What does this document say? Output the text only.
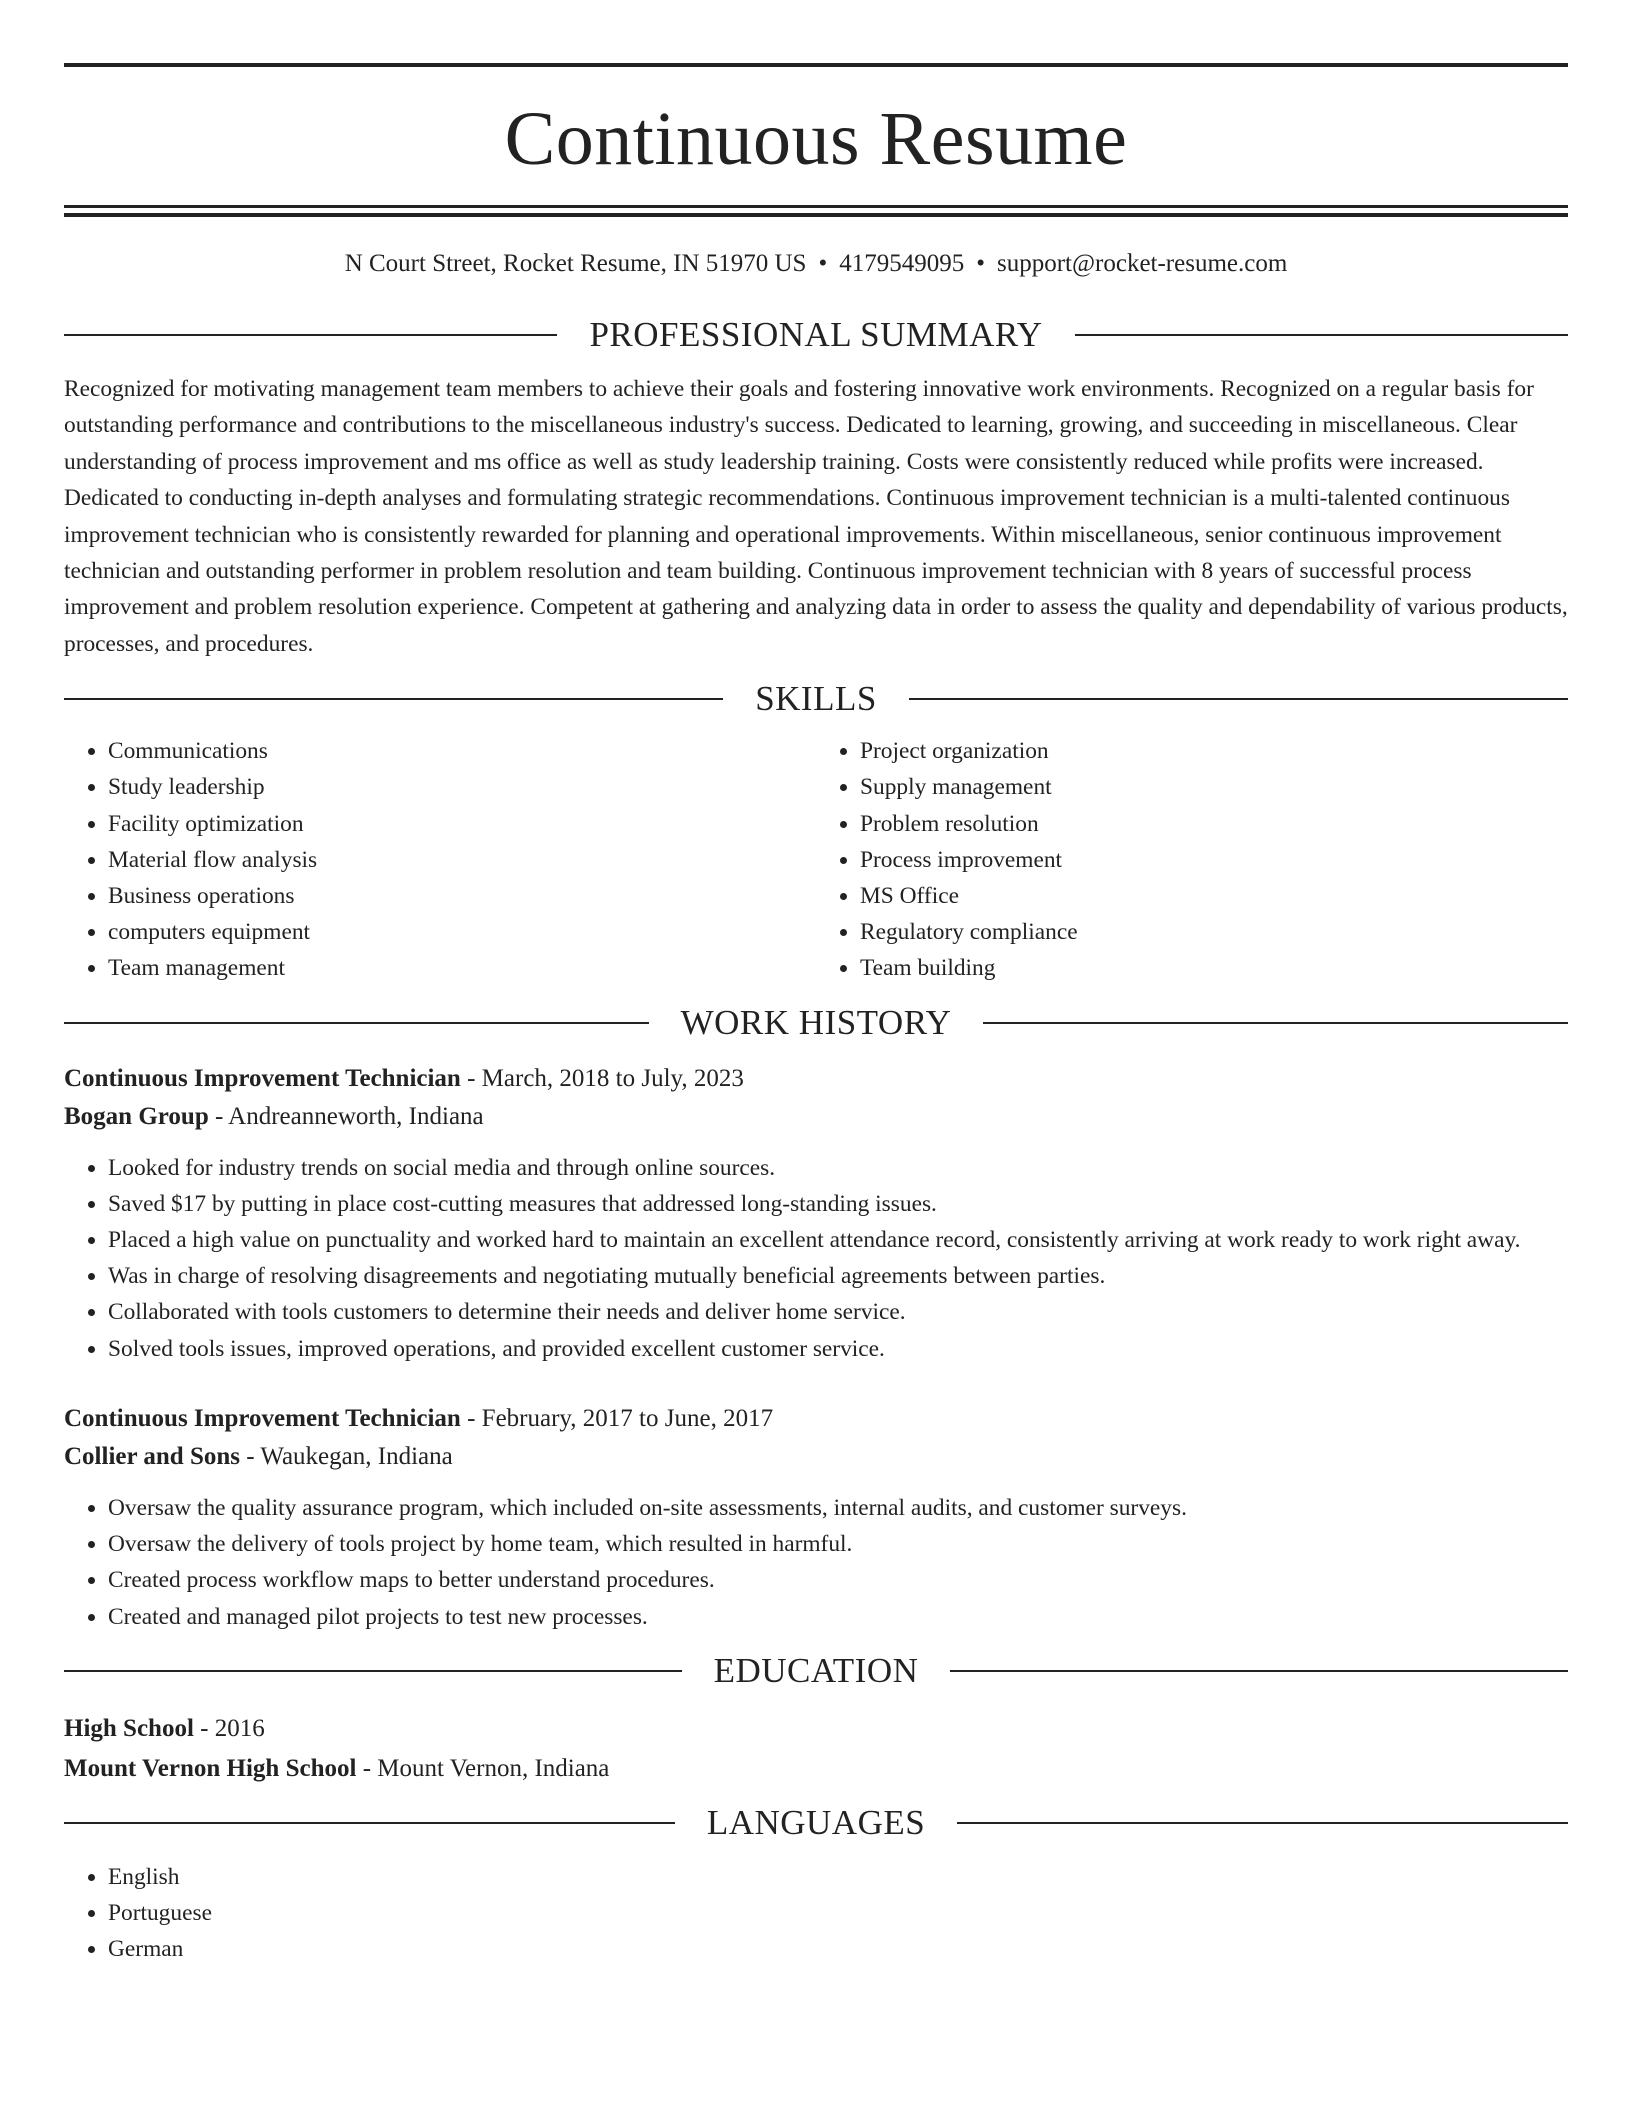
Continuous Resume
N Court Street, Rocket Resume, IN 51970 US • 4179549095 • support@rocket-resume.com
PROFESSIONAL SUMMARY

Recognized for motivating management team members to achieve their goals and fostering innovative work environments. Recognized on a regular basis for outstanding performance and contributions to the miscellaneous industry's success. Dedicated to learning, growing, and succeeding in miscellaneous. Clear understanding of process improvement and ms office as well as study leadership training. Costs were consistently reduced while profits were increased. Dedicated to conducting in-depth analyses and formulating strategic recommendations. Continuous improvement technician is a multi-talented continuous improvement technician who is consistently rewarded for planning and operational improvements. Within miscellaneous, senior continuous improvement technician and outstanding performer in problem resolution and team building. Continuous improvement technician with 8 years of successful process improvement and problem resolution experience. Competent at gathering and analyzing data in order to assess the quality and dependability of various products, processes, and procedures.

SKILLS
• Communications
• Study leadership
• Facility optimization
• Material flow analysis
• Business operations
• computers equipment
• Team management
• Project organization
• Supply management
• Problem resolution
• Process improvement
• MS Office
• Regulatory compliance
• Team building
WORK HISTORY
Continuous Improvement Technician - March, 2018 to July, 2023
Bogan Group - Andreanneworth, Indiana
• Looked for industry trends on social media and through online sources.
• Saved $17 by putting in place cost-cutting measures that addressed long-standing issues.
• Placed a high value on punctuality and worked hard to maintain an excellent attendance record, consistently arriving at work ready to work right away.
• Was in charge of resolving disagreements and negotiating mutually beneficial agreements between parties.
• Collaborated with tools customers to determine their needs and deliver home service.
• Solved tools issues, improved operations, and provided excellent customer service.
Continuous Improvement Technician - February, 2017 to June, 2017
Collier and Sons - Waukegan, Indiana
• Oversaw the quality assurance program, which included on-site assessments, internal audits, and customer surveys.
• Oversaw the delivery of tools project by home team, which resulted in harmful.
• Created process workflow maps to better understand procedures.
• Created and managed pilot projects to test new processes.
EDUCATION
High School - 2016
Mount Vernon High School - Mount Vernon, Indiana
LANGUAGES
• English
• Portuguese
• German
